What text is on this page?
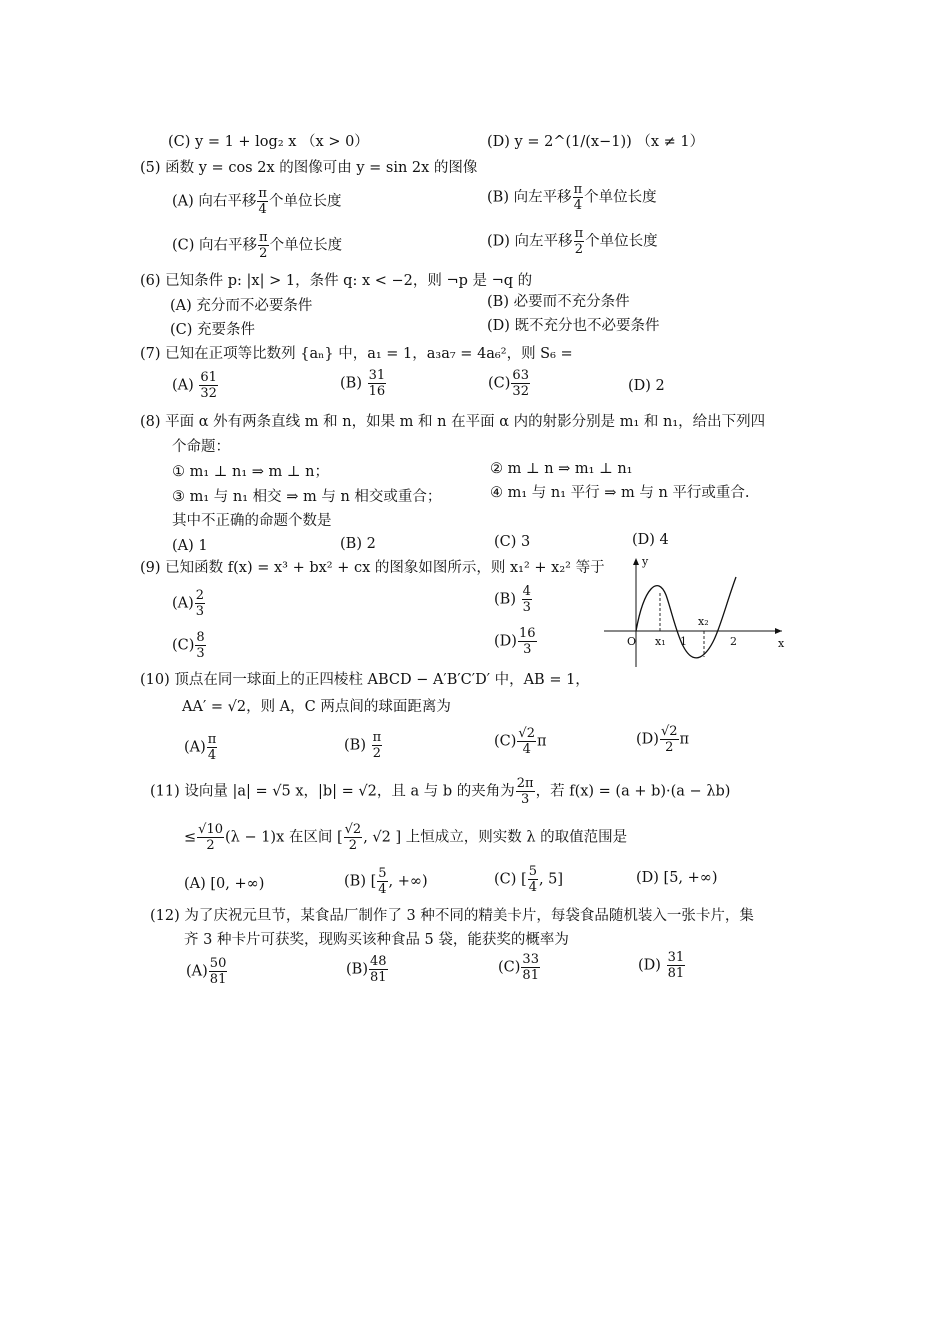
(C) y = 1 + log₂ x （x > 0）	(D) y = 2^(1/(x−1)) （x ≠ 1）
(5) 函数 y = cos 2x 的图像可由 y = sin 2x 的图像
(A) 向右平移 $\frac{\pi}{4}$ 个单位长度	(B) 向左平移 $\frac{\pi}{4}$ 个单位长度
(C) 向右平移 $\frac{\pi}{2}$ 个单位长度	(D) 向左平移 $\frac{\pi}{2}$ 个单位长度
(6) 已知条件 p: |x| > 1，条件 q: x < −2，则 ¬p 是 ¬q 的
(A) 充分而不必要条件	(B) 必要而不充分条件
(C) 充要条件	(D) 既不充分也不必要条件
(7) 已知在正项等比数列 {aₙ} 中，a₁ = 1，a₃a₇ = 4a₆²，则 S₆ =
$(A) \frac{61}{32}$	$(B) \frac{31}{16}$	$(C) \frac{63}{32}$	(D) 2
(8) 平面 α 外有两条直线 m 和 n，如果 m 和 n 在平面 α 内的射影分别是 m₁ 和 n₁，给出下列四
个命题：
① m₁ ⊥ n₁ ⇒ m ⊥ n；	② m ⊥ n ⇒ m₁ ⊥ n₁
③ m₁ 与 n₁ 相交 ⇒ m 与 n 相交或重合；	④ m₁ 与 n₁ 平行 ⇒ m 与 n 平行或重合.
其中不正确的命题个数是
(A) 1	(B) 2	(C) 3	(D) 4
(9) 已知函数 f(x) = x³ + bx² + cx 的图象如图所示，则 x₁² + x₂² 等于
$(A) \frac{2}{3}$	$(B) \frac{4}{3}$
$(C) \frac{8}{3}$	$(D) \frac{16}{3}$
y
x
O x₁ 1
x₂
2
(10) 顶点在同一球面上的正四棱柱 ABCD − A′B′C′D′ 中，AB = 1，
AA′ = √2，则 A，C 两点间的球面距离为
$(A) \frac{\pi}{4}$	$(B) \frac{\pi}{2}$	$(C) \frac{√2}{4}$ π	$(D) \frac{√2}{2}$ π
(11) 设向量 |a| = √5 x，|b| = √2，且 a 与 b 的夹角为 $\frac{2\pi}{3}$ ，若 f(x) = (a + b)·(a − λb)
≤ $\frac{√10}{2} (\lambda - 1)x$ 在区间 [ $\frac{√2}{2}$ , √2 ] 上恒成立，则实数 λ 的取值范围是
(A) [0, +∞)	(B) [ $\frac{5}{4}$ , +∞)	(C) [ $\frac{5}{4}$ , 5]	(D) [5, +∞)
(12) 为了庆祝元旦节，某食品厂制作了 3 种不同的精美卡片，每袋食品随机装入一张卡片，集
齐 3 种卡片可获奖，现购买该种食品 5 袋，能获奖的概率为
$(A) \frac{50}{81}$	$(B) \frac{48}{81}$	$(C) \frac{33}{81}$	$(D) \frac{31}{81}$
